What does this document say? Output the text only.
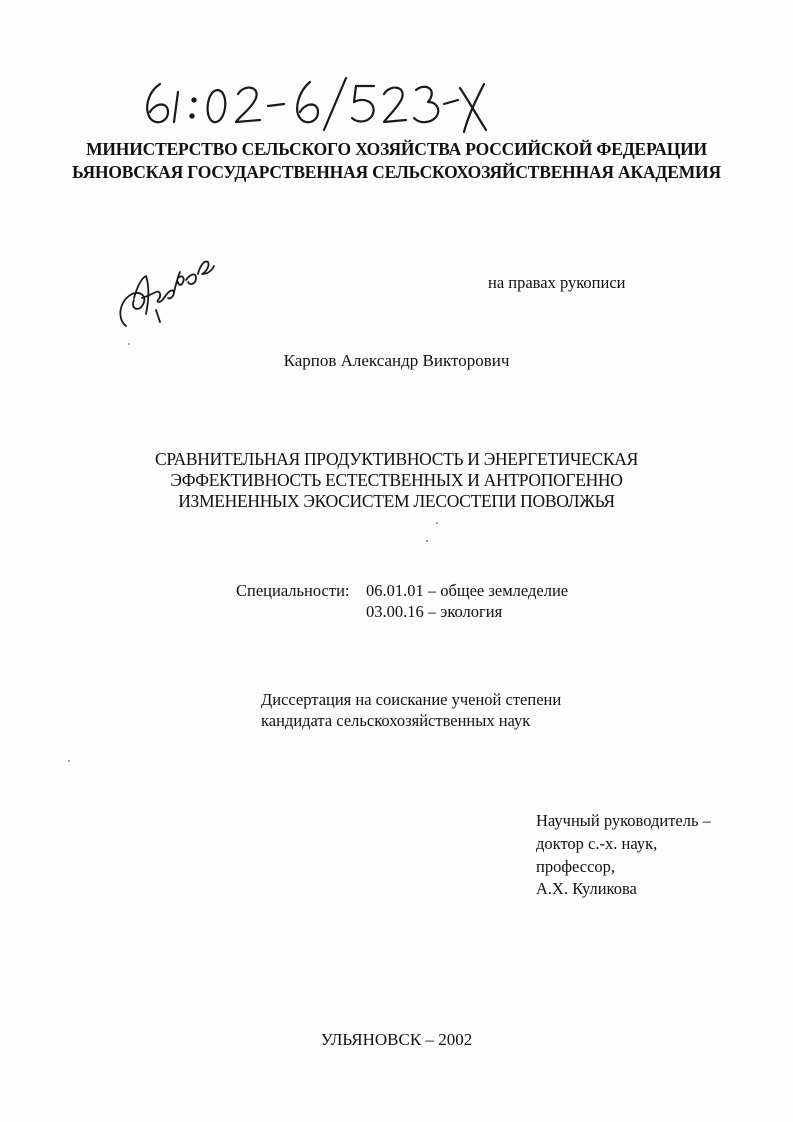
МИНИСТЕРСТВО СЕЛЬСКОГО ХОЗЯЙСТВА РОССИЙСКОЙ ФЕДЕРАЦИИ

ЬЯНОВСКАЯ ГОСУДАРСТВЕННАЯ СЕЛЬСКОХОЗЯЙСТВЕННАЯ АКАДЕМИЯ

на правах рукописи

Карпов Александр Викторович

СРАВНИТЕЛЬНАЯ ПРОДУКТИВНОСТЬ И ЭНЕРГЕТИЧЕСКАЯ

ЭФФЕКТИВНОСТЬ ЕСТЕСТВЕННЫХ И АНТРОПОГЕННО

ИЗМЕНЕННЫХ ЭКОСИСТЕМ ЛЕСОСТЕПИ ПОВОЛЖЬЯ

Специальности: 06.01.01 – общее земледелие

03.00.16 – экология

Диссертация на соискание ученой степени

кандидата сельскохозяйственных наук

Научный руководитель –

доктор с.-х. наук,

профессор,

А.Х. Куликова

УЛЬЯНОВСК – 2002
